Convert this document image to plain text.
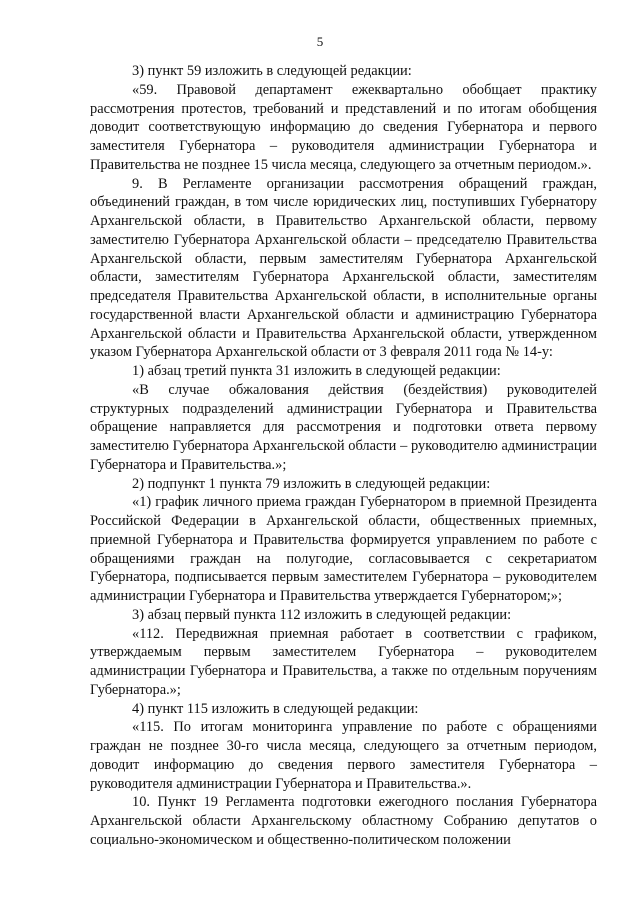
5

3) пункт 59 изложить в следующей редакции:

«59. Правовой департамент ежеквартально обобщает практику рассмотрения протестов, требований и представлений и по итогам обобщения доводит соответствующую информацию до сведения Губернатора и первого заместителя Губернатора – руководителя администрации Губернатора и Правительства не позднее 15 числа месяца, следующего за отчетным периодом.».

9. В Регламенте организации рассмотрения обращений граждан, объединений граждан, в том числе юридических лиц, поступивших Губернатору Архангельской области, в Правительство Архангельской области, первому заместителю Губернатора Архангельской области – председателю Правительства Архангельской области, первым заместителям Губернатора Архангельской области, заместителям Губернатора Архангельской области, заместителям председателя Правительства Архангельской области, в исполнительные органы государственной власти Архангельской области и администрацию Губернатора Архангельской области и Правительства Архангельской области, утвержденном указом Губернатора Архангельской области от 3 февраля 2011 года № 14-у:

1) абзац третий пункта 31 изложить в следующей редакции:

«В случае обжалования действия (бездействия) руководителей структурных подразделений администрации Губернатора и Правительства обращение направляется для рассмотрения и подготовки ответа первому заместителю Губернатора Архангельской области – руководителю администрации Губернатора и Правительства.»;

2) подпункт 1 пункта 79 изложить в следующей редакции:

«1) график личного приема граждан Губернатором в приемной Президента Российской Федерации в Архангельской области, общественных приемных, приемной Губернатора и Правительства формируется управлением по работе с обращениями граждан на полугодие, согласовывается с секретариатом Губернатора, подписывается первым заместителем Губернатора – руководителем администрации Губернатора и Правительства утверждается Губернатором;»;

3) абзац первый пункта 112 изложить в следующей редакции:

«112. Передвижная приемная работает в соответствии с графиком, утверждаемым первым заместителем Губернатора – руководителем администрации Губернатора и Правительства, а также по отдельным поручениям Губернатора.»;

4) пункт 115 изложить в следующей редакции:

«115. По итогам мониторинга управление по работе с обращениями граждан не позднее 30-го числа месяца, следующего за отчетным периодом, доводит информацию до сведения первого заместителя Губернатора – руководителя администрации Губернатора и Правительства.».

10. Пункт 19 Регламента подготовки ежегодного послания Губернатора Архангельской области Архангельскому областному Собранию депутатов о социально-экономическом и общественно-политическом положении
